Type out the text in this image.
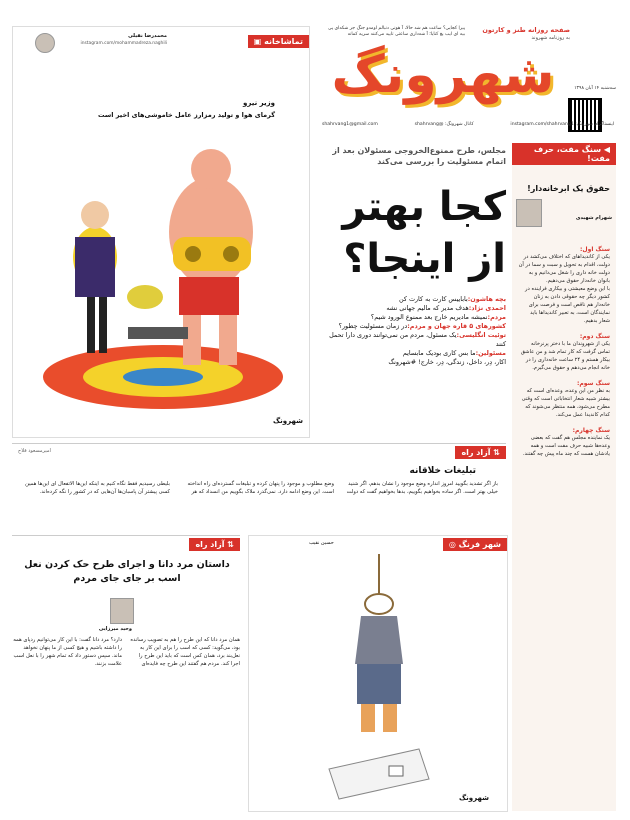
شهرونگ
صفحه روزانه طنز و کارتون
به روزنامه شهروند
پیرا کجایی؟ ساعت هم شد حالا، آ هونی دنبالم اومدو جنگ جر شکه‌ای پی بیه ای ایب بغ کنایا؛ آ شه‌داری ساعتی تایید می‌کنند سریه کمانه
سه‌شنبه ۱۴ آبان ۱۳۹۸
اینستاگرام شهرونگ: instagram.com/shahrvang1
کانال شهرونگ: @shahrvang
shahrvang1@gmail.com
▣ تماشاخانه
محمدرضا نقیلی
instagram.com/mohammadreza.naghili
وزیر نیرو
گرمای هوا و تولید رمزارز عامل خاموشی‌های اخیر است
شهرونگ
◀ سنگ مفت، حرف مفت!
حقوق یک ابرخانه‌دار!
شهرام شهیدی
سنگ اول:
یکی از کاندیداهای که اختلاف می‌کشد در دولت، اقدام به تحویل و سبت و سما در آن دولت خانه داری را شغل می‌دانیم و به بانوان خانه‌دار حقوق می‌دهیم.
با این وضع معیشتی و بیکاری فراینده در کشور دیگر چه حقوقی دادن به زنان خانه‌دار هم ناقص است و فرصت برای نمایندگان است، به تعبیر کاندیداها باید شعار بدهیم.
سنگ دوم:
یکی از شهروندان ما با دختر پرنرخانه تماس گرفت که کار تمام شد و من عاشق بیکار هستم و ۲۴ ساعت خانه‌داری را در خانه انجام می‌دهم و حقوق می‌گیرم.
سنگ سوم:
به نظر من این وعده، وعده‌ای است که بیشتر شبیه شعار انتخاباتی است که وقتی مطرح می‌شود، همه منتظر می‌شوند که کدام کاندیدا عمل می‌کند.
سنگ چهارم:
یک نماینده مجلس هم گفت که بعضی وعده‌ها شبیه حرف مفت است و همه یادشان هست که چند ماه پیش چه گفتند.
مجلس، طرح ممنوع‌الخروجی مسئولان بعد از اتمام مسئولیت را بررسی می‌کند
کجا بهتر
از اینجا؟
بچه هاشون:باباییس کارت به کارت کن
احمدی نژاد:هدف مدیر که مالیم جهانی نشه
مردم:نمیشه مادیریم خارج بعد ممنوع الورود شیم؟
کشورهای ۵ قاره جهان و مردم:در زمان مسئولیت چطور؟
توئیت انگلیسی:یک مسئول، مردم من نمی‌توانند دوری دارا تحمل کنند
مسئولین:ما بس کاری بودیک مابسایم
اکار، دِر، داخل، زندگی، دِر، خارج! #شهرونگ
⇅ آزاد راه
تبلیغات خلاقانه
امیرمسعود فلاح
باز اگر تشدید بگویید امروز انداره وضع موجود را نشان بدهم، اگر شنید خیلی بهتر است. اگر ساده بخواهیم بگوییم، بدها بخواهیم گفت که دولت وضع مطلوب و موجود را پنهان کرده و تبلیغات گسترده‌ای راه انداخته است. این وضع ادامه دارد. نمی‌گذرد ملاک بگوییم من انسداد که هر بلیطی رسیدیم فقط نگاه کنیم به اینکه این‌ها الاتفعال ای این‌ها همین کسی پیشتر آن پاسبان‌ها آن‌هایی که در کشور را نگه کرده‌اند.
⇅ آزاد راه
داستان مرد دانا و اجرای طرح حک کردن نعل اسب بر جای جای مردم
وحید میرزایی
همان مرد دانا که این طرح را هم به تصویب رسانده بود، می‌گوید: کسی که اسب را برای این کار به نعل‌بند برد، همان کس است که باید این طرح را اجرا کند. مردم هم گفتند این طرح چه فایده‌ای دارد؟ مرد دانا گفت: با این کار می‌توانیم ردپای همه را داشته باشیم و هیچ کسی از ما پنهان نخواهد ماند. سپس دستور داد که تمام شهر را با نعل اسب علامت بزنند.
◎ شهر فرنگ
حسین نقیب
شهرونگ
